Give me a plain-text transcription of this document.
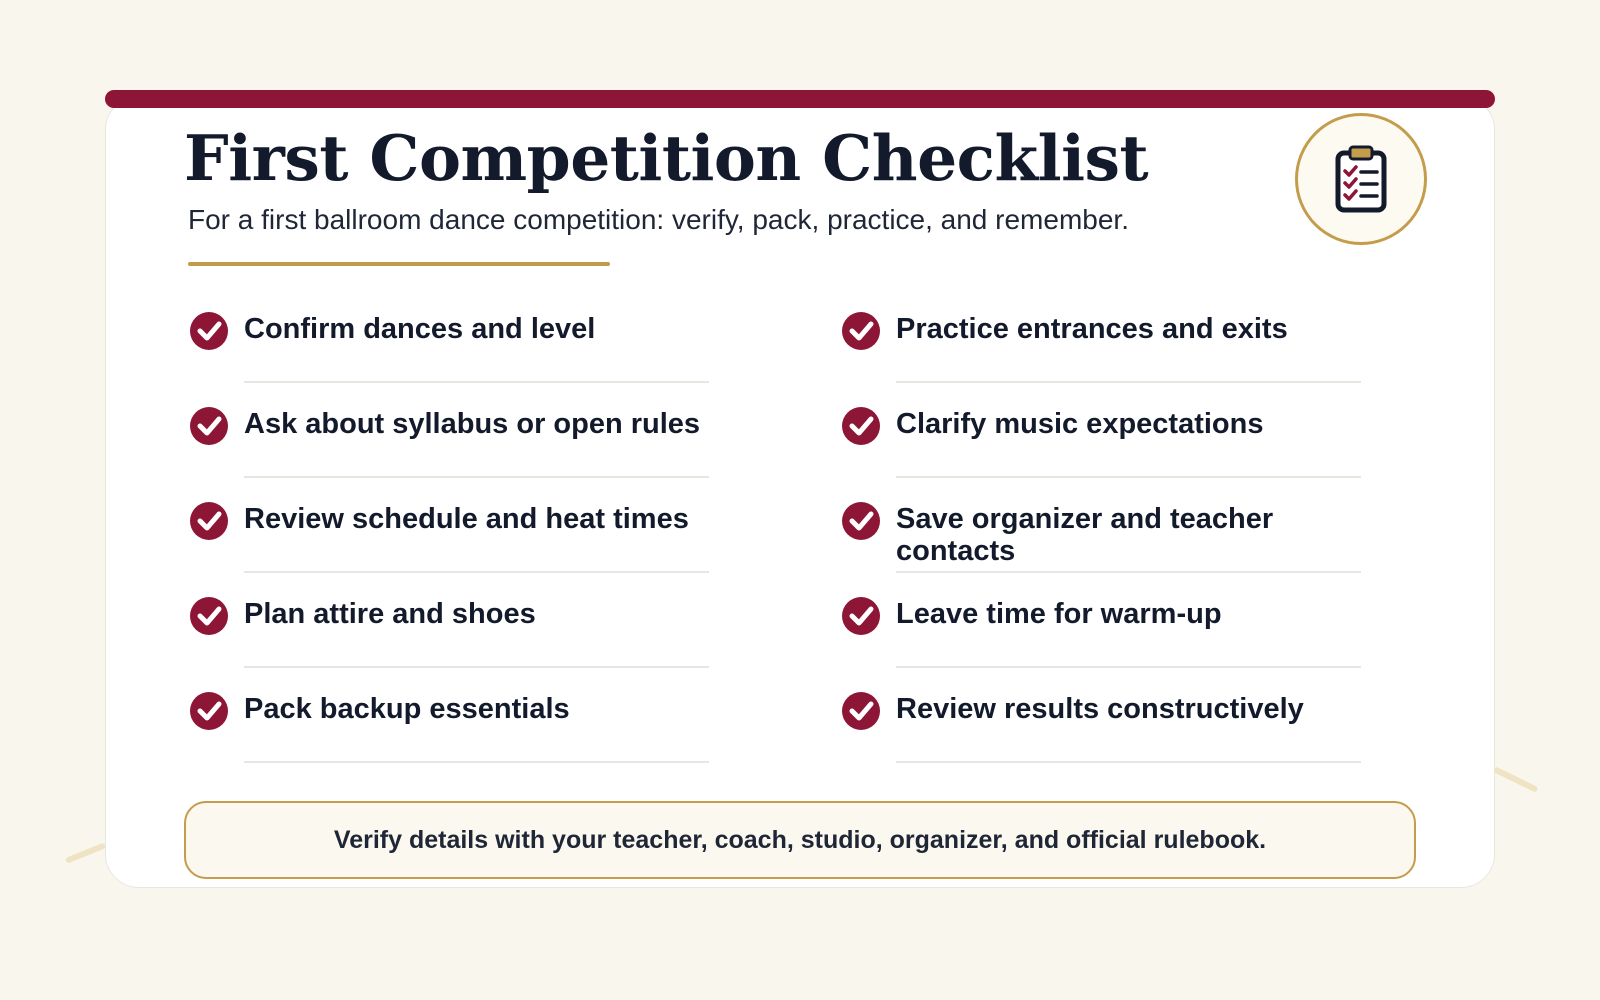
First Competition Checklist

For a first ballroom dance competition: verify, pack, practice, and remember.

Confirm dances and level
Ask about syllabus or open rules
Review schedule and heat times
Plan attire and shoes
Pack backup essentials
Practice entrances and exits
Clarify music expectations
Save organizer and teacher contacts
Leave time for warm-up
Review results constructively
Verify details with your teacher, coach, studio, organizer, and official rulebook.
